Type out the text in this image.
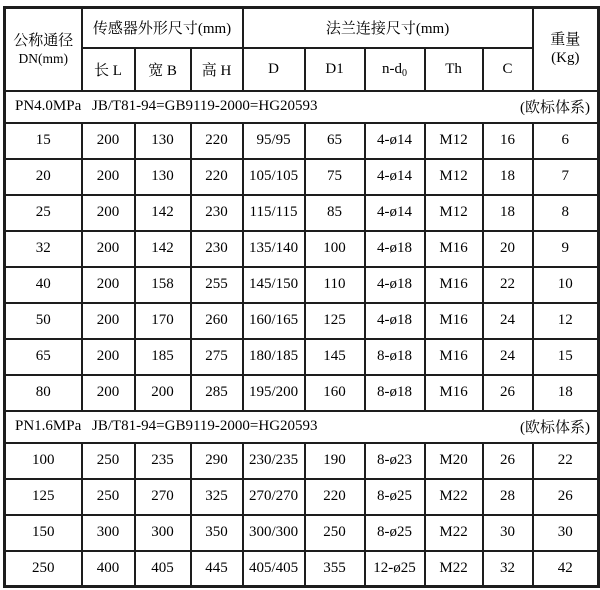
公称通径
DN(mm)
	传感器外形尺寸(mm)	法兰连接尺寸(mm)	
重量
(Kg)

	长 L	宽 B	高 H	D	D1	$n-d_0$	Th	C	

PN4.0MPa JB/T81-94=GB9119-2000=HG20593 (欧标体系)									

15	200	130	220	95/95	65	4-ø14	M12	16	6
20	200	130	220	105/105	75	4-ø14	M12	18	7
25	200	142	230	115/115	85	4-ø14	M12	18	8
32	200	142	230	135/140	100	4-ø18	M16	20	9
40	200	158	255	145/150	110	4-ø18	M16	22	10
50	200	170	260	160/165	125	4-ø18	M16	24	12
65	200	185	275	180/185	145	8-ø18	M16	24	15
80	200	200	285	195/200	160	8-ø18	M16	26	18

PN1.6MPa JB/T81-94=GB9119-2000=HG20593 (欧标体系)									

100	250	235	290	230/235	190	8-ø23	M20	26	22
125	250	270	325	270/270	220	8-ø25	M22	28	26
150	300	300	350	300/300	250	8-ø25	M22	30	30
250	400	405	445	405/405	355	12-ø25	M22	32	42
